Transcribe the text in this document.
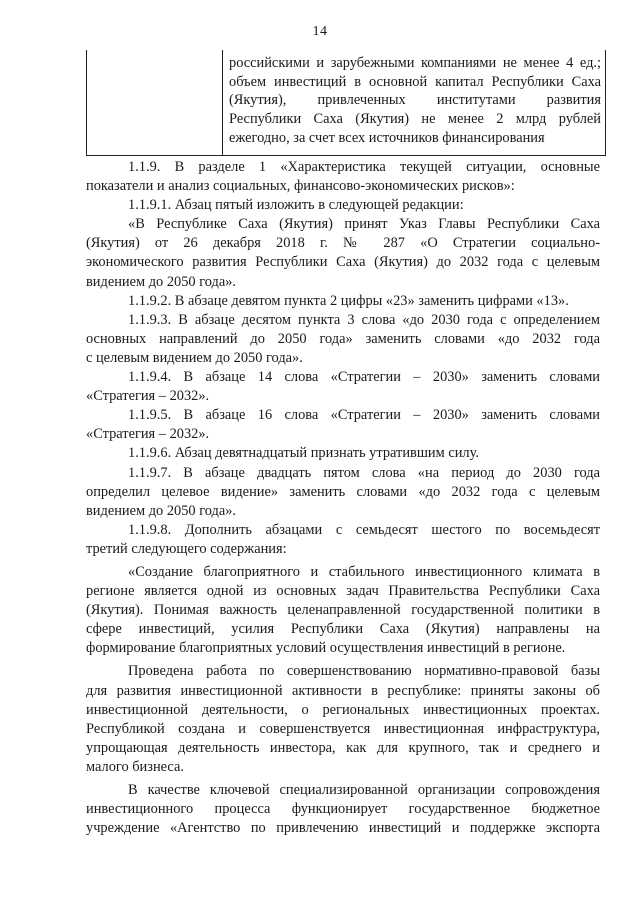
14
российскими и зарубежными компаниями не менее 4 ед.;
объем инвестиций в основной капитал Республики Саха
(Якутия), привлеченных институтами развития
Республики Саха (Якутия) не менее 2 млрд рублей
ежегодно, за счет всех источников финансирования
1.1.9. В разделе 1 «Характеристика текущей ситуации, основные
показатели и анализ социальных, финансово-экономических рисков»:
1.1.9.1. Абзац пятый изложить в следующей редакции:
«В Республике Саха (Якутия) принят Указ Главы Республики Саха
(Якутия) от 26 декабря 2018 г. № 287 «О Стратегии социально-
экономического развития Республики Саха (Якутия) до 2032 года с целевым
видением до 2050 года».
1.1.9.2. В абзаце девятом пункта 2 цифры «23» заменить цифрами «13».
1.1.9.3. В абзаце десятом пункта 3 слова «до 2030 года с определением
основных направлений до 2050 года» заменить словами «до 2032 года
с целевым видением до 2050 года».
1.1.9.4. В абзаце 14 слова «Стратегии – 2030» заменить словами
«Стратегия – 2032».
1.1.9.5. В абзаце 16 слова «Стратегии – 2030» заменить словами
«Стратегия – 2032».
1.1.9.6. Абзац девятнадцатый признать утратившим силу.
1.1.9.7. В абзаце двадцать пятом слова «на период до 2030 года
определил целевое видение» заменить словами «до 2032 года с целевым
видением до 2050 года».
1.1.9.8. Дополнить абзацами с семьдесят шестого по восемьдесят
третий следующего содержания:
«Создание благоприятного и стабильного инвестиционного климата в
регионе является одной из основных задач Правительства Республики Саха
(Якутия). Понимая важность целенаправленной государственной политики в
сфере инвестиций, усилия Республики Саха (Якутия) направлены на
формирование благоприятных условий осуществления инвестиций в регионе.
Проведена работа по совершенствованию нормативно-правовой базы
для развития инвестиционной активности в республике: приняты законы об
инвестиционной деятельности, о региональных инвестиционных проектах.
Республикой создана и совершенствуется инвестиционная инфраструктура,
упрощающая деятельность инвестора, как для крупного, так и среднего и
малого бизнеса.
В качестве ключевой специализированной организации сопровождения
инвестиционного процесса функционирует государственное бюджетное
учреждение «Агентство по привлечению инвестиций и поддержке экспорта
